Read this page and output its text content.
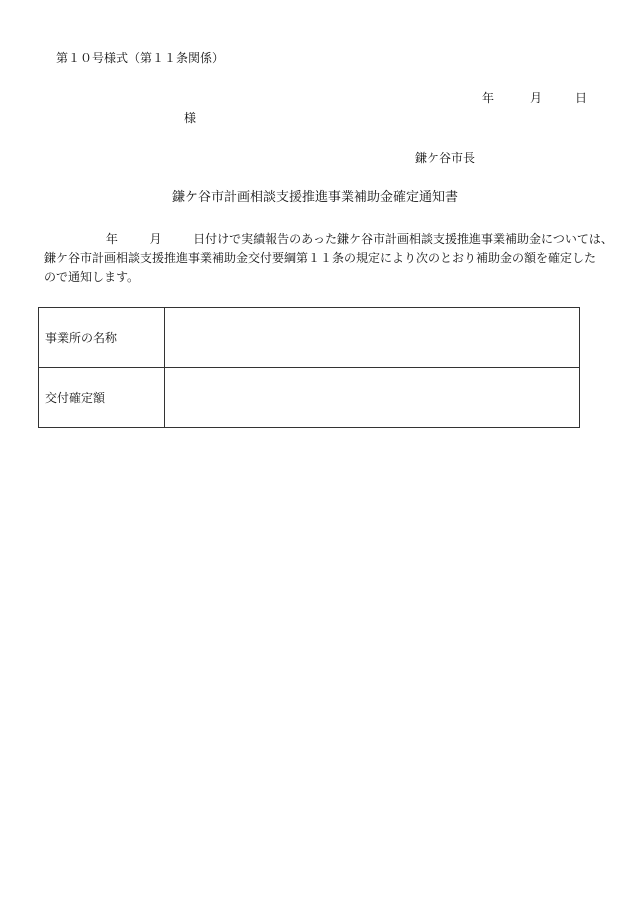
第１０号様式（第１１条関係）
年	月	日
様
鎌ケ谷市長
鎌ケ谷市計画相談支援推進事業補助金確定通知書
年	月	日付けで実績報告のあった鎌ケ谷市計画相談支援推進事業補助金については、
鎌ケ谷市計画相談支援推進事業補助金交付要綱第１１条の規定により次のとおり補助金の額を確定した
ので通知します。
事業所の名称	
交付確定額	
